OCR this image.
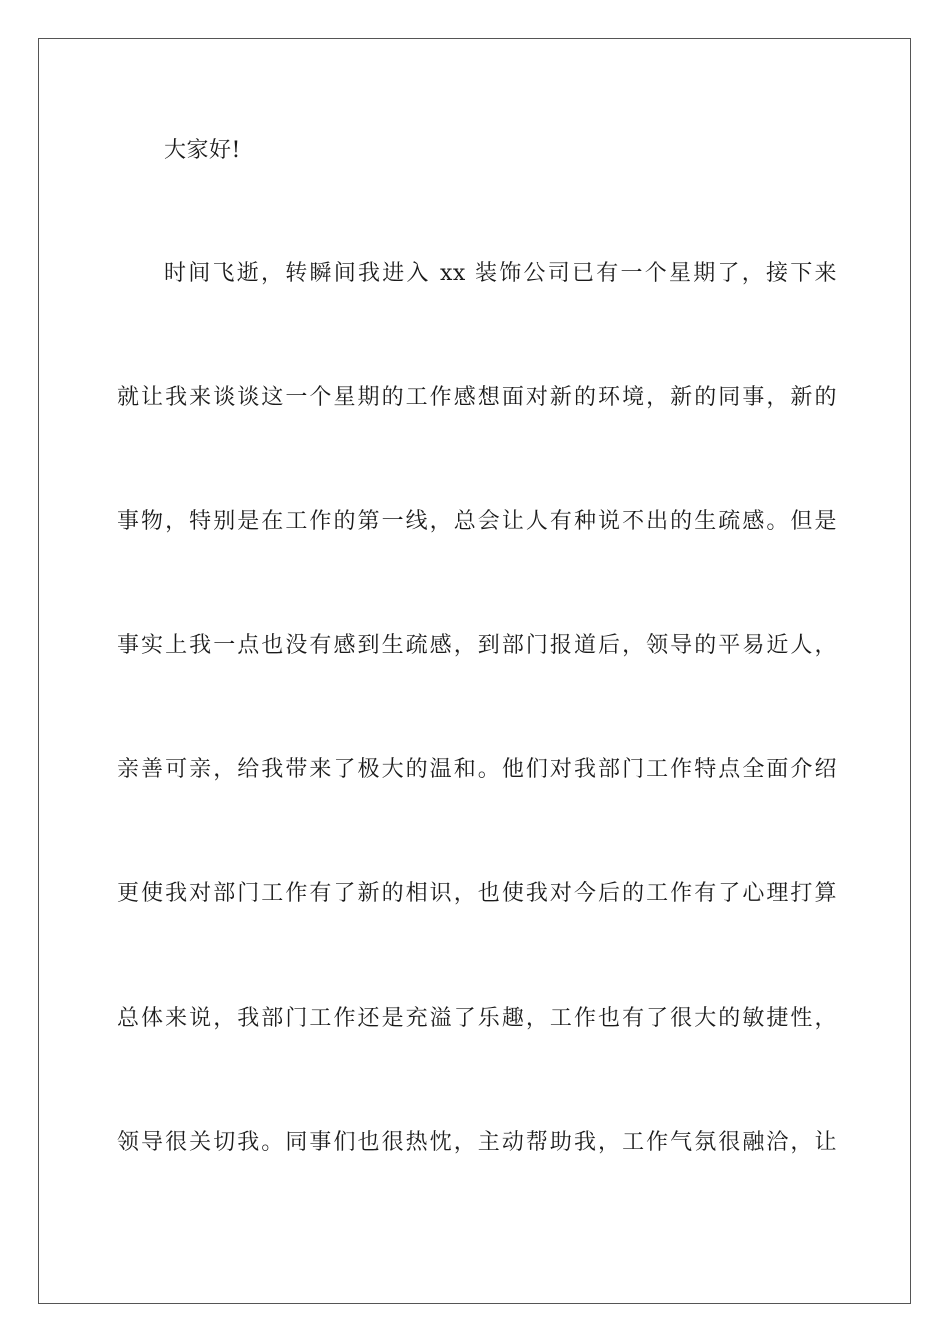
大家好!
时间飞逝，转瞬间我进入 xx 装饰公司已有一个星期了，接下来
就让我来谈谈这一个星期的工作感想面对新的环境，新的同事，新的
事物，特别是在工作的第一线，总会让人有种说不出的生疏感。但是
事实上我一点也没有感到生疏感，到部门报道后，领导的平易近人，
亲善可亲，给我带来了极大的温和。他们对我部门工作特点全面介绍
更使我对部门工作有了新的相识，也使我对今后的工作有了心理打算
总体来说，我部门工作还是充溢了乐趣，工作也有了很大的敏捷性，
领导很关切我。同事们也很热忱，主动帮助我，工作气氛很融洽，让
